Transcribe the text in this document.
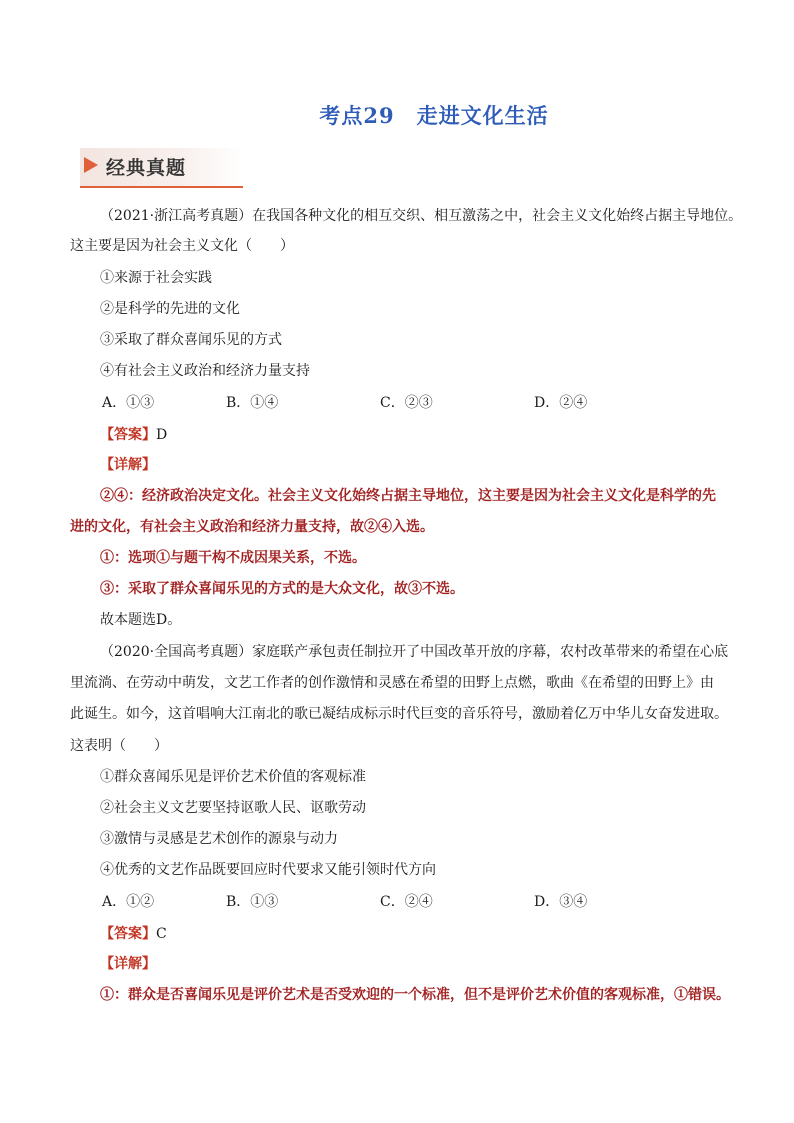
考点29　走进文化生活
经典真题
（2021·浙江高考真题）在我国各种文化的相互交织、相互激荡之中，社会主义文化始终占据主导地位。
这主要是因为社会主义文化（　　）
①来源于社会实践
②是科学的先进的文化
③采取了群众喜闻乐见的方式
④有社会主义政治和经济力量支持
A．①③	B．①④	C．②③	D．②④
【答案】D
【详解】
②④：经济政治决定文化。社会主义文化始终占据主导地位，这主要是因为社会主义文化是科学的先
进的文化，有社会主义政治和经济力量支持，故②④入选。
①：选项①与题干构不成因果关系，不选。
③：采取了群众喜闻乐见的方式的是大众文化，故③不选。
故本题选D。
（2020·全国高考真题）家庭联产承包责任制拉开了中国改革开放的序幕，农村改革带来的希望在心底
里流淌、在劳动中萌发，文艺工作者的创作激情和灵感在希望的田野上点燃，歌曲《在希望的田野上》由
此诞生。如今，这首唱响大江南北的歌已凝结成标示时代巨变的音乐符号，激励着亿万中华儿女奋发进取。
这表明（　　）
①群众喜闻乐见是评价艺术价值的客观标准
②社会主义文艺要坚持讴歌人民、讴歌劳动
③激情与灵感是艺术创作的源泉与动力
④优秀的文艺作品既要回应时代要求又能引领时代方向
A．①②	B．①③	C．②④	D．③④
【答案】C
【详解】
①：群众是否喜闻乐见是评价艺术是否受欢迎的一个标准，但不是评价艺术价值的客观标准，①错误。
